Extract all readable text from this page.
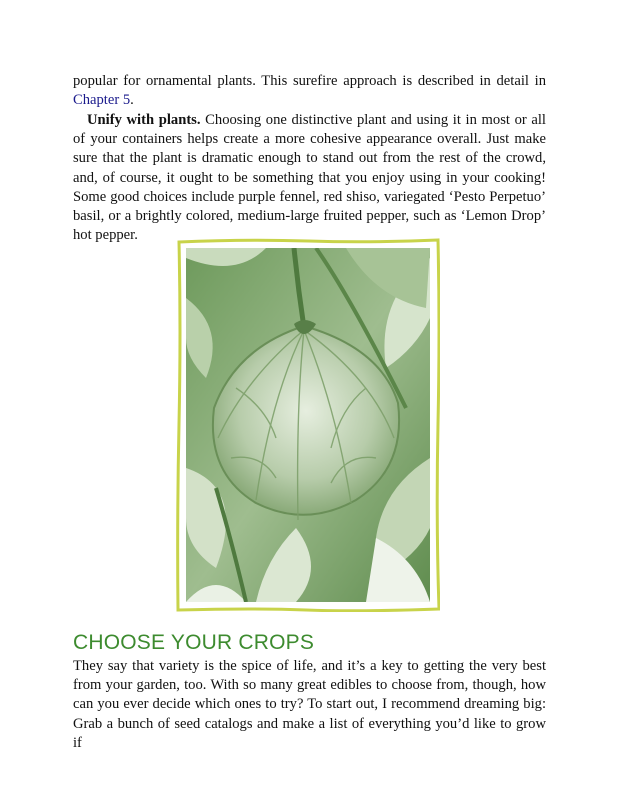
popular for ornamental plants. This surefire approach is described in detail in Chapter 5.
Unify with plants. Choosing one distinctive plant and using it in most or all of your containers helps create a more cohesive appearance overall. Just make sure that the plant is dramatic enough to stand out from the rest of the crowd, and, of course, it ought to be something that you enjoy using in your cooking! Some good choices include purple fennel, red shiso, variegated ‘Pesto Perpetuo’ basil, or a brightly colored, medium-large fruited pepper, such as ‘Lemon Drop’ hot pepper.
CHOOSE YOUR CROPS
They say that variety is the spice of life, and it’s a key to getting the very best from your garden, too. With so many great edibles to choose from, though, how can you ever decide which ones to try? To start out, I recommend dreaming big: Grab a bunch of seed catalogs and make a list of everything you’d like to grow if
